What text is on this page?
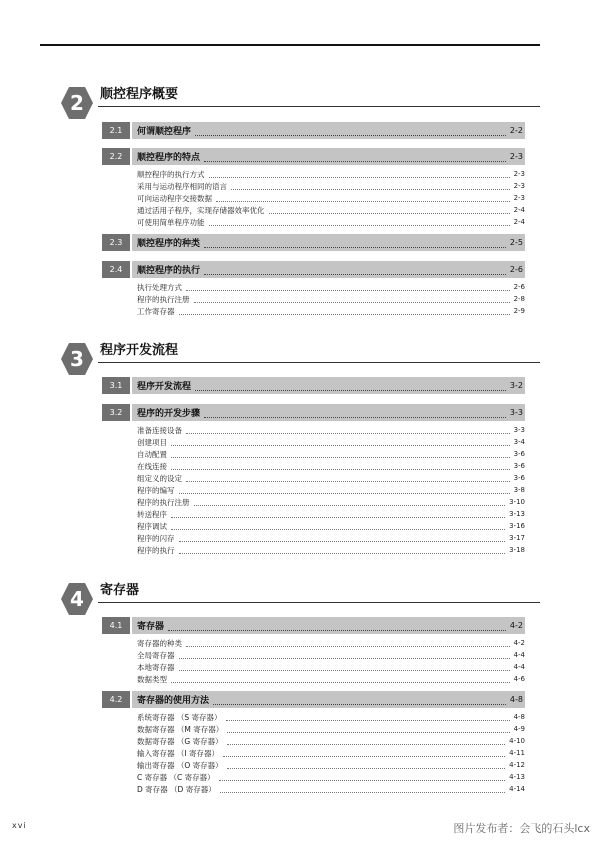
2	顺控程序概要
2.1	何谓顺控程序	2-2
2.2	顺控程序的特点	2-3
顺控程序的执行方式	2-3
采用与运动程序相同的语言	2-3
可向运动程序交接数据	2-3
通过活用子程序，实现存储器效率优化	2-4
可使用简单程序功能	2-4
2.3	顺控程序的种类	2-5
2.4	顺控程序的执行	2-6
执行处理方式	2-6
程序的执行注册	2-8
工作寄存器	2-9
3	程序开发流程
3.1	程序开发流程	3-2
3.2	程序的开发步骤	3-3
准备连接设备	3-3
创建项目	3-4
自动配置	3-6
在线连接	3-6
组定义的设定	3-6
程序的编写	3-8
程序的执行注册	3-10
转送程序	3-13
程序调试	3-16
程序的闪存	3-17
程序的执行	3-18
4	寄存器
4.1	寄存器	4-2
寄存器的种类	4-2
全局寄存器	4-4
本地寄存器	4-4
数据类型	4-6
4.2	寄存器的使用方法	4-8
系统寄存器 （S 寄存器）	4-8
数据寄存器 （M 寄存器）	4-9
数据寄存器 （G 寄存器）	4-10
输入寄存器 （I 寄存器）	4-11
输出寄存器 （O 寄存器）	4-12
C 寄存器 （C 寄存器）	4-13
D 寄存器 （D 寄存器）	4-14
xvi	图片发布者：会飞的石头lcx
